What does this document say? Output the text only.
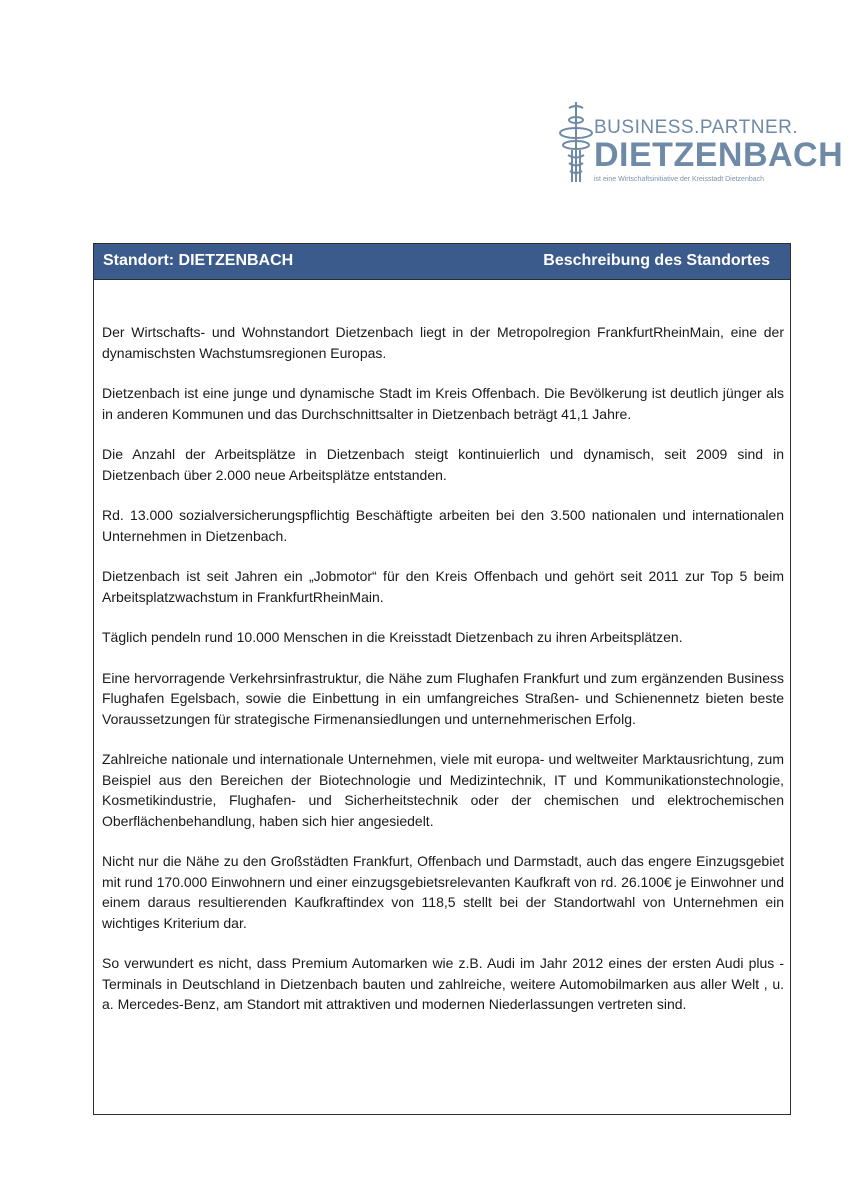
BUSINESS.PARTNER.
DIETZENBACH
ist eine Wirtschaftsinitiative der Kreisstadt Dietzenbach
Standort: DIETZENBACH	Beschreibung des Standortes

Der Wirtschafts- und Wohnstandort Dietzenbach liegt in der Metropolregion FrankfurtRheinMain, eine der dynamischsten Wachstumsregionen Europas.

Dietzenbach ist eine junge und dynamische Stadt im Kreis Offenbach. Die Bevölkerung ist deutlich jünger als in anderen Kommunen und das Durchschnittsalter in Dietzenbach beträgt 41,1 Jahre.

Die Anzahl der Arbeitsplätze in Dietzenbach steigt kontinuierlich und dynamisch, seit 2009 sind in Dietzenbach über 2.000 neue Arbeitsplätze entstanden.

Rd. 13.000 sozialversicherungspflichtig Beschäftigte arbeiten bei den 3.500 nationalen und internationalen Unternehmen in Dietzenbach.

Dietzenbach ist seit Jahren ein „Jobmotor“ für den Kreis Offenbach und gehört seit 2011 zur Top 5 beim Arbeitsplatzwachstum in FrankfurtRheinMain.

Täglich pendeln rund 10.000 Menschen in die Kreisstadt Dietzenbach zu ihren Arbeitsplätzen.

Eine hervorragende Verkehrsinfrastruktur, die Nähe zum Flughafen Frankfurt und zum ergänzenden Business Flughafen Egelsbach, sowie die Einbettung in ein umfangreiches Straßen- und Schienennetz bieten beste Voraussetzungen für strategische Firmenansiedlungen und unternehmerischen Erfolg.

Zahlreiche nationale und internationale Unternehmen, viele mit europa- und weltweiter Marktausrichtung, zum Beispiel aus den Bereichen der Biotechnologie und Medizintechnik, IT und Kommunikationstechnologie, Kosmetikindustrie, Flughafen- und Sicherheitstechnik oder der chemischen und elektrochemischen Oberflächenbehandlung, haben sich hier angesiedelt.

Nicht nur die Nähe zu den Großstädten Frankfurt, Offenbach und Darmstadt, auch das engere Einzugsgebiet mit rund 170.000 Einwohnern und einer einzugsgebietsrelevanten Kaufkraft von rd. 26.100€ je Einwohner und einem daraus resultierenden Kaufkraftindex von 118,5 stellt bei der Standortwahl von Unternehmen ein wichtiges Kriterium dar.

So verwundert es nicht, dass Premium Automarken wie z.B. Audi im Jahr 2012 eines der ersten Audi plus -Terminals in Deutschland in Dietzenbach bauten und zahlreiche, weitere Automobilmarken aus aller Welt , u. a. Mercedes-Benz, am Standort mit attraktiven und modernen Niederlassungen vertreten sind.
